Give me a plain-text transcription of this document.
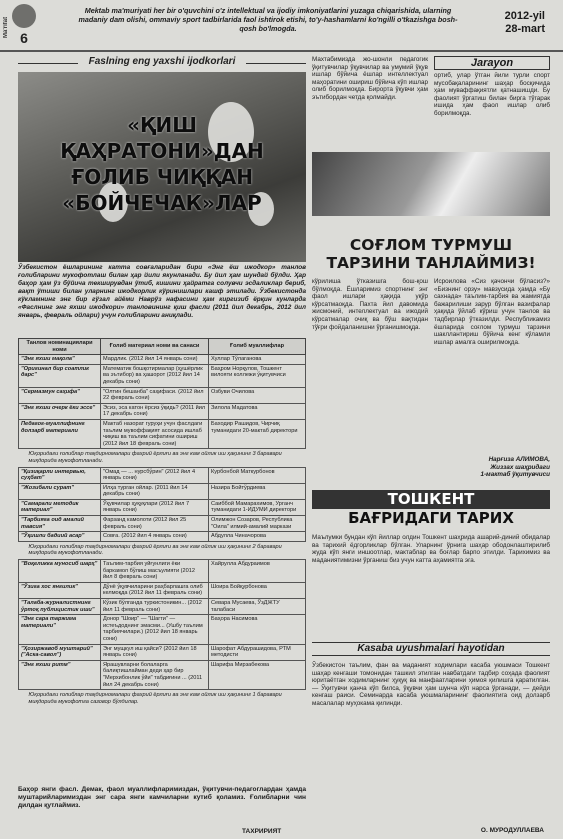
Ma'rifat
6
Mektab ma'muriyati her bir o'quvchini o'z intellektual va ijodiy imkoniyatlarini yuzaga chiqarishida, ularning madaniy dam olishi, ommaviy sport tadbirlarida faol ishtirok etishi, to'y-hashamlarni ko'ngilli o'tkazishga bosh-qosh bo'lmogda.
2012-yil
28-mart
Faslning eng yaxshi ijodkorlari
«ҚИШ ҚАҲРАТОНИ»ДАН
ҒОЛИБ ЧИҚҚАН
«БОЙЧЕЧАК»ЛАР
Ўзбекистон ёшларининг катта совғаларидан бири «Энг ёш ижодкор» танлов ғолибларини мукофотлаш билан ҳар йили якунланади. Бу йил ҳам шундай бўлди. Ҳар баҳор ҳам ўз бўйича текширувдан ўтиб, кишини ҳайратга солувчи эсдаликлар бериб, вақт ўтиши билан уларнинг ижодкорлик кўринишлари кашф этилади. Ўзбекистонда кўкламнинг энг бир гўзал айёми Наврўз нафасини ҳам киргизиб ёрқин кунларда «Фаслнинг энг яхши ижодкори» танловининг қиш фасли (2011 йил декабрь, 2012 йил январь, февраль ойлари) учун ғолибларини аниқлади.
Танлов номинациялари номи	Ғолиб материал номи ва санаси	Ғолиб муаллифлар
"Энг яхши мақола"	Мардлик. (2012 йил 14 январь сони)	Хуллар Тўлаганова
"Оригинал бир соатлик дарс"	Математик бошқотирмалар (ҳушёрлик ва эътибор) ва ҳашорот (2012 йил 14 декабрь сони)	Баҳром Норқулов, Тошкент вилояти коллежи ўқитувчиси
"Сермазмун саҳифа"	"Олтин бешанба" саҳифаси. (2012 йил 22 февраль сони)	Озбуви Очилова
"Энг яхши очерк ёки эссе"	Эсиз, эса катон ёрсиз ўқидь? (2011 йил 17 декабрь сони)	Зилола Мадатова
Педагог-муаллифнинг долзарб материали	Мактаб назорат гуруҳи учун фаслдаги таълим мувоффақият асосида ишлаб чиқиш ва таълим сифатини ошириш (2012 йил 18 февраль сони)	Баходир Рашидов, Чирчиқ туманидаги 20-мактаб директори
Юқоридаги ғолиблар тақдирномалари фахрий ёрлиғи ва энг кам ойлик иш ҳақининг 3 баравари миқдорида мукофотланади.		
"Қизиқарли интервью, суҳбат"	"Омад — ... нурсбўрин" (2012 йил 4 январь сони)	Курбонбой Маткурбонов
"Жозибали сурат"	Илҳа турган ойлар. (2011 йил 14 декабрь сони)	Назира Бойтўрдиева
"Самарали методик материал"	Ўқувчилар ҳуқуқлари (2012 йил 7 январь сони)	Саиббой Мамарахимов, Урганч туманидаги 1-ИДУМИ директори
"Тарбияга оид амалий тавсия"	Фарзанд камолоти (2012 йил 25 февраль сони)	Олимжон Созаров, Республика "Оила" илмий-амалий маркази
"Ўқишли бадиий асар"	Совға. (2012 йил 4 январь сони)	Абдулла Чиначорова
Юқоридаги ғолиблар тақдирномалари фахрий ёрлиғи ва энг кам ойлик иш ҳақининг 2 баравари миқдорида мукофотланади.		
"Воқеликка муносиб шарҳ"	Таълим-тарбия уйғунлиги ёки баркамол бўлиш масъулияти (2012 йил 8 февраль сони)	Хайрулла Абдураимов
"Ўзига хос янгилик"	Дўнё ўқувчиларини раҳбарлашга олиб келмоқда (2012 йил 11 февраль сони)	Шоира Бойқурбонова
"Талаба-журналистнинг ўртоқ публицистик иши"	Кўзик бўлганда туркистоникин... (2012 йил 11 февраль сони)	Севара Мусаева, ЎзДЖТУ талабаси
"Энг сара таржима материали"	Донор "Шоир" — "Шагти" — истеъдоднинг эмасми... (Ушбу таълим тарбиячилари.) (2012 йил 18 январь сони)	Баҳора Насимова
"Ҳозиржавоб муштарий" ("Аска-савол")	Энг мущкул иш қайси? (2012 йил 18 январь сони)	Шарофат Абдурашидова, РТМ методисти
"Энг яхши ритм"	Ярашувларни болаларга балиқтишлайман деди ҳар бир "Мерхибонлик ўйи" табдиғини ... (2011 йил 24 декабрь сони)	Шарифа Мирзабекова
Юқоридаги ғолиблар тақдирномалари фахрий ёрлиғи ва энг кам ойлик иш ҳақининг 1 баравари миқдорида мукофотга сазовор бўлдилар.		
Баҳор янги фасл. Демак, фаол муаллифларимиздан, ўқитувчи-педагоглардан ҳамда муштарийларимиздан энг сара янги камчиларни кутиб қоламиз. Ғолибларни чин дилдан қутлаймиз.
Махтабимизда жо-шонли педагогик ўқитувчилар ўқувчилар ва умумий ўқув ишлар бўйича ёшлар интеллектуал маҳоратини ошириш бўйича кўп ишлар олиб борилмоқда. Бирорта ўқувчи ҳам эътибордан четда қолмайди.
Jarayon
ортиб, улар ўтган йили турли спорт мусобақаларининг шаҳар босқичида ҳам муваффақиятли қатнашишди. Бу фаолият ўргатиш билан бирга тўгарак ишида ҳам фаол ишлар олиб борилмоқда.
СОҒЛОМ ТУРМУШ
ТАРЗИНИ ТАНЛАЙМИЗ!
кўрилиша ўтказишга бош-қош бўлмоқда. Ёшларимиз спортнинг энг фаол ишлари ҳақида уқўр кўрсатмаоқда. Пахта йил давомида жисмоний, интеллектуал ва ижодий кўрсатмалар очиқ ва бўш вақтидан тўғри фойдаланишни ўрганишмоқда.
Исроилова «Сиз қачончи бўласиз?» «Бизнинг орзу» мавзусида ҳамда «Бу сахнада» таълим-тарбия ва жамиятда бажарилиши зарур бўлган вазифалар ҳақида ўйлаб кўриш учун танлов ва тадбирлар ўтказилди. Республикамиз ёшларида соғлом турмуш тарзини шакллантириш бўйича кенг кўламли ишлар амалга оширилмоқда.
Нарғиза АЛИМОВА,
Жиззах шаҳридаги
1-мактаб ўқитувчиси
ТОШКЕНТ
БАҒРИДАГИ ТАРИХ
Маълумки бундан кўп йиллар олдин Тошкент шаҳрида ашарий-диний обидалар ва тарихий ёдгорликлар бўлган. Уларнинг ўрнига шаҳар ободонлаштирилиб жуда кўп янги иншоотлар, мактаблар ва боғлар барпо этилди. Тарихимиз ва маданиятимизни ўрганиш биз учун катта аҳамиятга эга.
Kasaba uyushmalari hayotidan
Ўзбекистон таълим, фан ва маданият ходимлари касаба уюшмаси Тошкент шаҳар кенгаши томонидан ташкил этилган навбатдаги тадбир соҳада фаолият юритаётган ходимларнинг ҳуқуқ ва манфаатларини ҳимоя қилишга қаратилган. — Ўқитувчи қанча кўп билса, ўқувчи ҳам шунча кўп нарса ўрганади, — дейди кенгаш раиси. Семинарда касаба уюшмаларининг фаолиятига оид долзарб масалалар муҳокама қилинди.
О. МУРОДУЛЛАЕВА
ТАХРИРИЯТ
